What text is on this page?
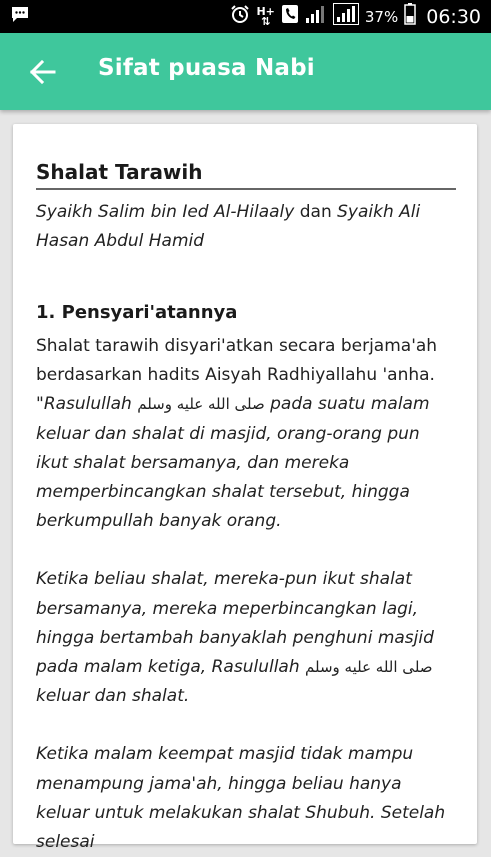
H+
⇅	37% 06:30
Sifat puasa Nabi
Shalat Tarawih
Syaikh Salim bin Ied Al-Hilaaly dan Syaikh Ali Hasan Abdul Hamid
1. Pensyari'atannya

Shalat tarawih disyari'atkan secara berjama'ah berdasarkan hadits Aisyah Radhiyallahu 'anha. "Rasulullah صلى الله عليه وسلم pada suatu malam keluar dan shalat di masjid, orang-orang pun ikut shalat bersamanya, dan mereka memperbincangkan shalat tersebut, hingga berkumpullah banyak orang.

Ketika beliau shalat, mereka-pun ikut shalat bersamanya, mereka meperbincangkan lagi, hingga bertambah banyaklah penghuni masjid pada malam ketiga, Rasulullah صلى الله عليه وسلم keluar dan shalat.

Ketika malam keempat masjid tidak mampu menampung jama'ah, hingga beliau hanya keluar untuk melakukan shalat Shubuh. Setelah selesai
